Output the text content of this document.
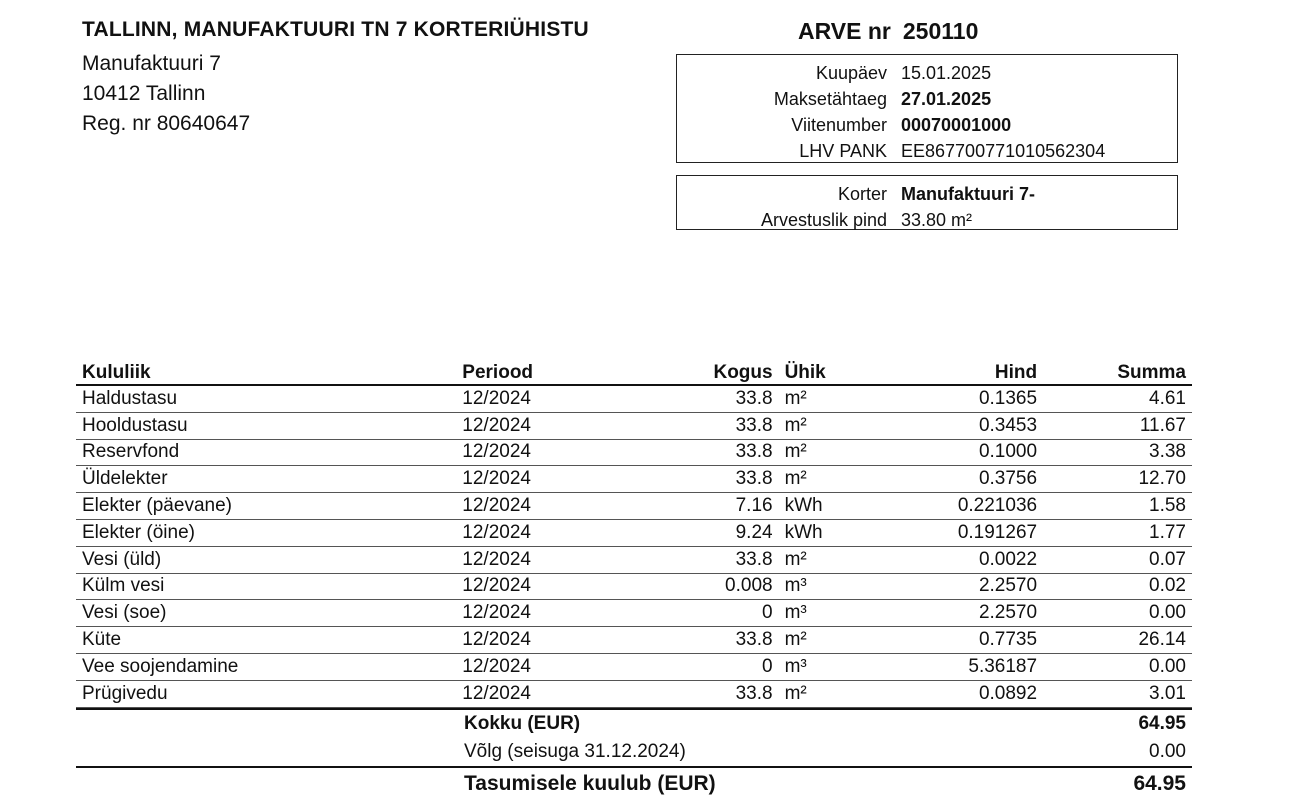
TALLINN, MANUFAKTUURI TN 7 KORTERIÜHISTU
Manufaktuuri 7
10412 Tallinn
Reg. nr 80640647
ARVE nr 250110
Kuupäev 15.01.2025
Maksetähtaeg 27.01.2025
Viitenumber 00070001000
LHV PANK EE867700771010562304
Korter Manufaktuuri 7-
Arvestuslik pind 33.80 m²
Kululiik	Periood	Kogus	Ühik	Hind	Summa
Haldustasu	12/2024	33.8	m²	0.1365	4.61
Hooldustasu	12/2024	33.8	m²	0.3453	11.67
Reservfond	12/2024	33.8	m²	0.1000	3.38
Üldelekter	12/2024	33.8	m²	0.3756	12.70
Elekter (päevane)	12/2024	7.16	kWh	0.221036	1.58
Elekter (öine)	12/2024	9.24	kWh	0.191267	1.77
Vesi (üld)	12/2024	33.8	m²	0.0022	0.07
Külm vesi	12/2024	0.008	m³	2.2570	0.02
Vesi (soe)	12/2024	0	m³	2.2570	0.00
Küte	12/2024	33.8	m²	0.7735	26.14
Vee soojendamine	12/2024	0	m³	5.36187	0.00
Prügivedu	12/2024	33.8	m²	0.0892	3.01
Kokku (EUR)	64.95
Võlg (seisuga 31.12.2024)	0.00
Tasumisele kuulub (EUR)	64.95
